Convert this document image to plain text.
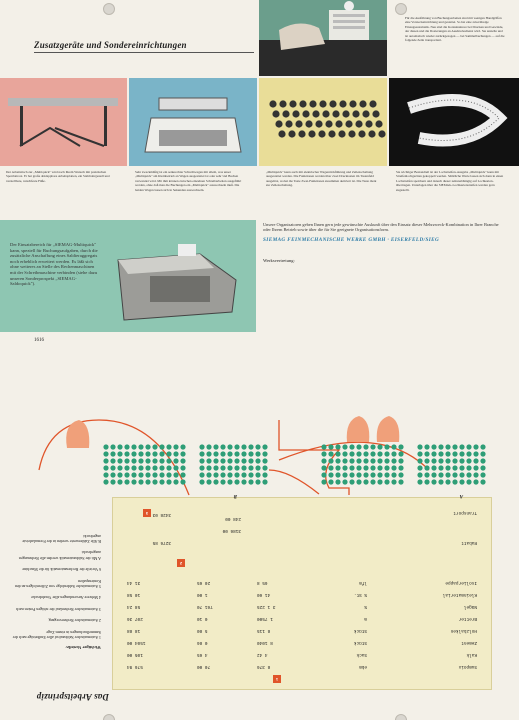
Zusatzgeräte und Sondereinrichtungen
Für die Ausführung von Buchungsarbeiten sind mit wenigen Handgriffen eine Vorsteckeinrichtung und gestattet. So hat eine zuverlässige Einzugsautomatik. Neu sind die Kontaktaktore bei Drucken und Gewinde, der diesen und die Dosierungen an Ausdrucksdienst wird. Sie anstelle und ist automatisch wieder zurückgezogen — bei Sammelbuchungen — auf die folgende Zeile transportiert.
Der Arbeitstisch zur „Multiquick" wird nach Ihrem Wunsch mit praktischen Sperrlattrost. Er hat große abklappbare Arbeitsplatten, ein Stahlrohrgestell und verstellbare, rutschfeste Füße.
Sehr zweckmäßig ist ein senkrechter Schreibwagen mit allem, was unser „Multiquick" am Kleinbetrieb an Wagen ausgestattet ist oder sehr viel Buchen verwendet wird. Mit ihm können zwischen einzelnen Schreibarbeiten ausgeführt werden, ohne daß man die Buchungen ein „Multiquick" auswechseln muß. Die beiden Wagen lassen sich in Sekunden auswechseln.
„Multiquick" kann auch mit elektrischer Wagenrückführung und Zeilenschaltung ausgestattet werden. Die Funktionen werden über zwei Drucktasten im Tastenfeld ausgelöst, wobei die Taste Zwei-Funktionen zusammen aktiviert ist. Die Taste dient zur Zeilenschaltung.
Sie wichtiger Bestandteil ist der Lochstreifen-Ausgabe „Multiquick" kann mit Streifenlochgeräten gekoppelt werden. Sämtliche Werte lassen sich dann in einen Lochstreifen speichern und danach dieser zeitunabhängig auf Lochkarten-übertragen. Unterlagen über die SIEMAG-Lochkartenstreifen werden gern zugestellt.
Der Einsatzbereich für „SIEMAG-Multiquick" kann, speziell für Buchungsaufgaben, durch die zusätzliche Anschaffung eines Saldieraggregats noch erheblich erweitert werden. Es läßt sich ohne weiteres an Stelle des Rechenmaschinen mit der Schreibmaschine verbinden (siehe dazu unseren Sonderprospekt „SIEMAG-Saldoquick").
1616
Unsere Organisatoren geben Ihnen gern jede gewünschte Auskunft über den Einsatz dieser Mehrzweck-Kombination in Ihrer Branche oder Ihrem Betrieb sowie über die für Sie geeignete Organisationsform.
SIEMAG FEINMECHANISCHE WERKE GMBH · EISERFELD/SIEG
Werksvertretung:
Das Arbeitsprinzip
Wichtiger Vorteile:
1 Automatischer Saldoaufruf aller Endbeträge nach der Sammelbuchungen in einem Zuge
2 Automatischer Rechenvorgang
3 Automatischer Rechenlauf der nötigen Posten nach
4 Mehrere Anwendungen aller Vorabdrucke
5 Automatische Saldenfolge von Ziffernfolgen an den Kontenspalten
6 Vorteile der Rechenautomatik für die Maschine
A Mit der Saldoautomatik werden alle Rechnungen ausgedruckt
B Alle Zahlenwerte werden in der Formularleiste angedruckt
Sumpoix
ebm
8 376
70 00
576 94
Kalk
Sack
4 42
4 65
105 00
Zement
Stück
8 1040
0 86
1504 00
Holzbalken
Stück
8 115
5 80
18 88
Bretter
m
1 7500
0 10
207 36
Nägel
%
3 1 225
761 70
58 24
Kleinmaterial
% St.
41 60
1 00
10 58
Isolierpappe
lfm
65 8
20 65
31 44
Transport
Rabatt
3276 85
3428 03
3186 00
248 00
1
2
3
A
B
